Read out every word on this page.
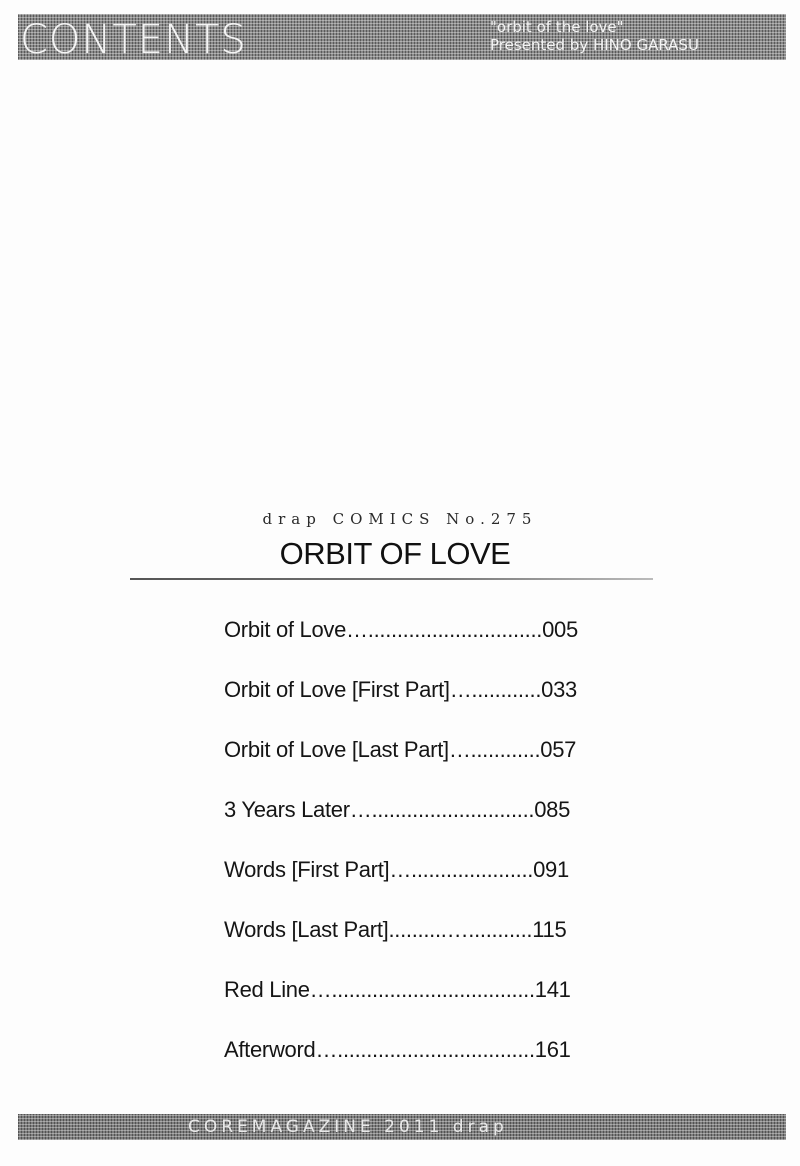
CONTENTS	"orbit of the love"
Presented by HINO GARASU
drap COMICS No.275
ORBIT OF LOVE
Orbit of Love…..............................005
Orbit of Love [First Part]…............033
Orbit of Love [Last Part]…............057
3 Years Later…............................085
Words [First Part]….....................091
Words [Last Part]..........…...........115
Red Line…...................................141
Afterword…..................................161
COREMAGAZINE 2011 drap
